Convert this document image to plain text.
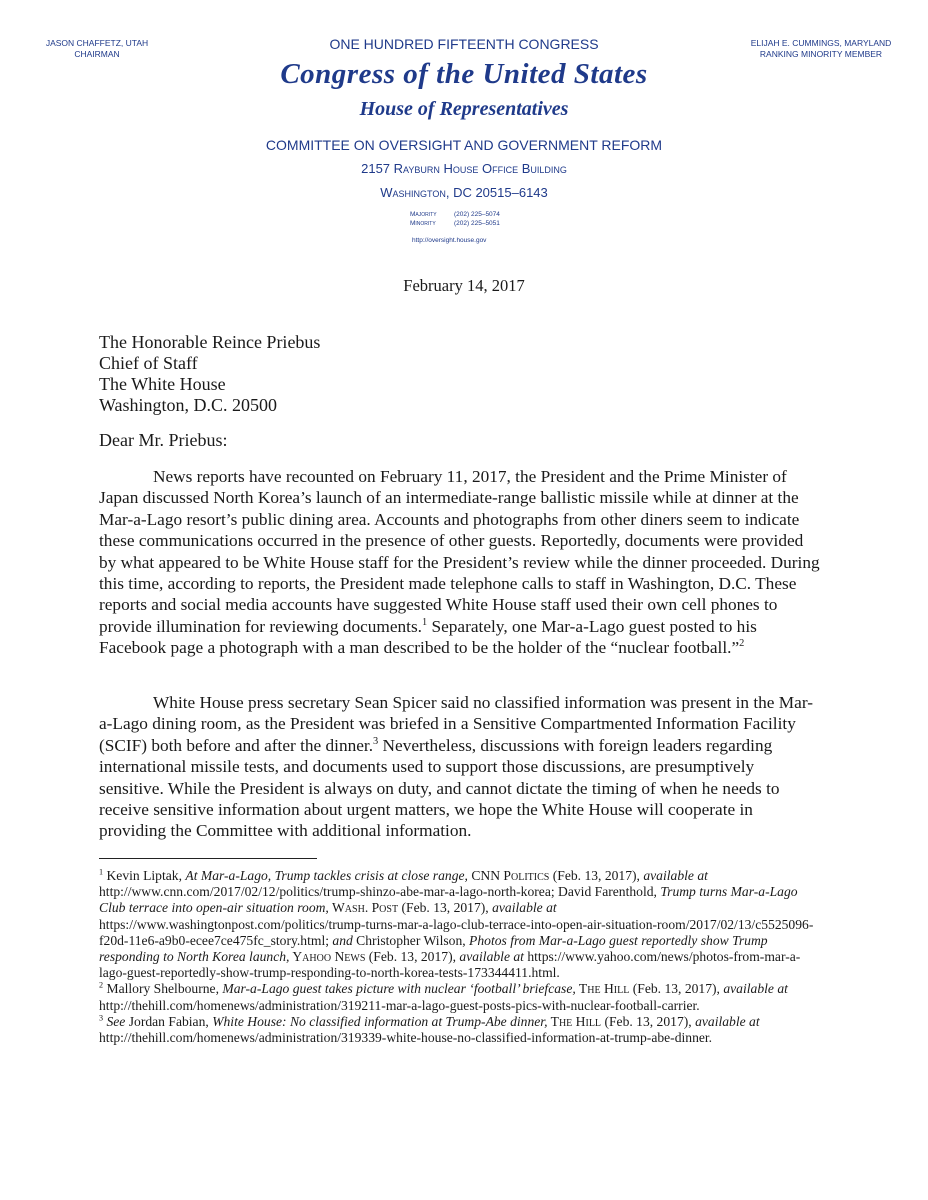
JASON CHAFFETZ, UTAH
CHAIRMAN
ELIJAH E. CUMMINGS, MARYLAND
RANKING MINORITY MEMBER
ONE HUNDRED FIFTEENTH CONGRESS
Congress of the United States
House of Representatives
COMMITTEE ON OVERSIGHT AND GOVERNMENT REFORM
2157 Rayburn House Office Building
Washington, DC 20515–6143
Majority	(202) 225–5074
Minority	(202) 225–5051
http://oversight.house.gov
February 14, 2017
The Honorable Reince Priebus
Chief of Staff
The White House
Washington, D.C. 20500
Dear Mr. Priebus:

News reports have recounted on February 11, 2017, the President and the Prime Minister of Japan discussed North Korea’s launch of an intermediate-range ballistic missile while at dinner at the Mar-a-Lago resort’s public dining area. Accounts and photographs from other diners seem to indicate these communications occurred in the presence of other guests. Reportedly, documents were provided by what appeared to be White House staff for the President’s review while the dinner proceeded. During this time, according to reports, the President made telephone calls to staff in Washington, D.C. These reports and social media accounts have suggested White House staff used their own cell phones to provide illumination for reviewing documents.$^1$ Separately, one Mar-a-Lago guest posted to his Facebook page a photograph with a man described to be the holder of the “nuclear football.”$^2$

White House press secretary Sean Spicer said no classified information was present in the Mar-a-Lago dining room, as the President was briefed in a Sensitive Compartmented Information Facility (SCIF) both before and after the dinner.$^3$ Nevertheless, discussions with foreign leaders regarding international missile tests, and documents used to support those discussions, are presumptively sensitive. While the President is always on duty, and cannot dictate the timing of when he needs to receive sensitive information about urgent matters, we hope the White House will cooperate in providing the Committee with additional information.

$^1$ Kevin Liptak, At Mar-a-Lago, Trump tackles crisis at close range, CNN Politics (Feb. 13, 2017), available at http://www.cnn.com/2017/02/12/politics/trump-shinzo-abe-mar-a-lago-north-korea; David Farenthold, Trump turns Mar-a-Lago Club terrace into open-air situation room, Wash. Post (Feb. 13, 2017), available at https://www.washingtonpost.com/politics/trump-turns-mar-a-lago-club-terrace-into-open-air-situation-room/2017/02/13/c5525096-f20d-11e6-a9b0-ecee7ce475fc_story.html; and Christopher Wilson, Photos from Mar-a-Lago guest reportedly show Trump responding to North Korea launch, Yahoo News (Feb. 13, 2017), available at https://www.yahoo.com/news/photos-from-mar-a-lago-guest-reportedly-show-trump-responding-to-north-korea-tests-173344411.html.

$^2$ Mallory Shelbourne, Mar-a-Lago guest takes picture with nuclear ‘football’ briefcase, The Hill (Feb. 13, 2017), available at http://thehill.com/homenews/administration/319211-mar-a-lago-guest-posts-pics-with-nuclear-football-carrier.

$^3$ See Jordan Fabian, White House: No classified information at Trump-Abe dinner, The Hill (Feb. 13, 2017), available at http://thehill.com/homenews/administration/319339-white-house-no-classified-information-at-trump-abe-dinner.
